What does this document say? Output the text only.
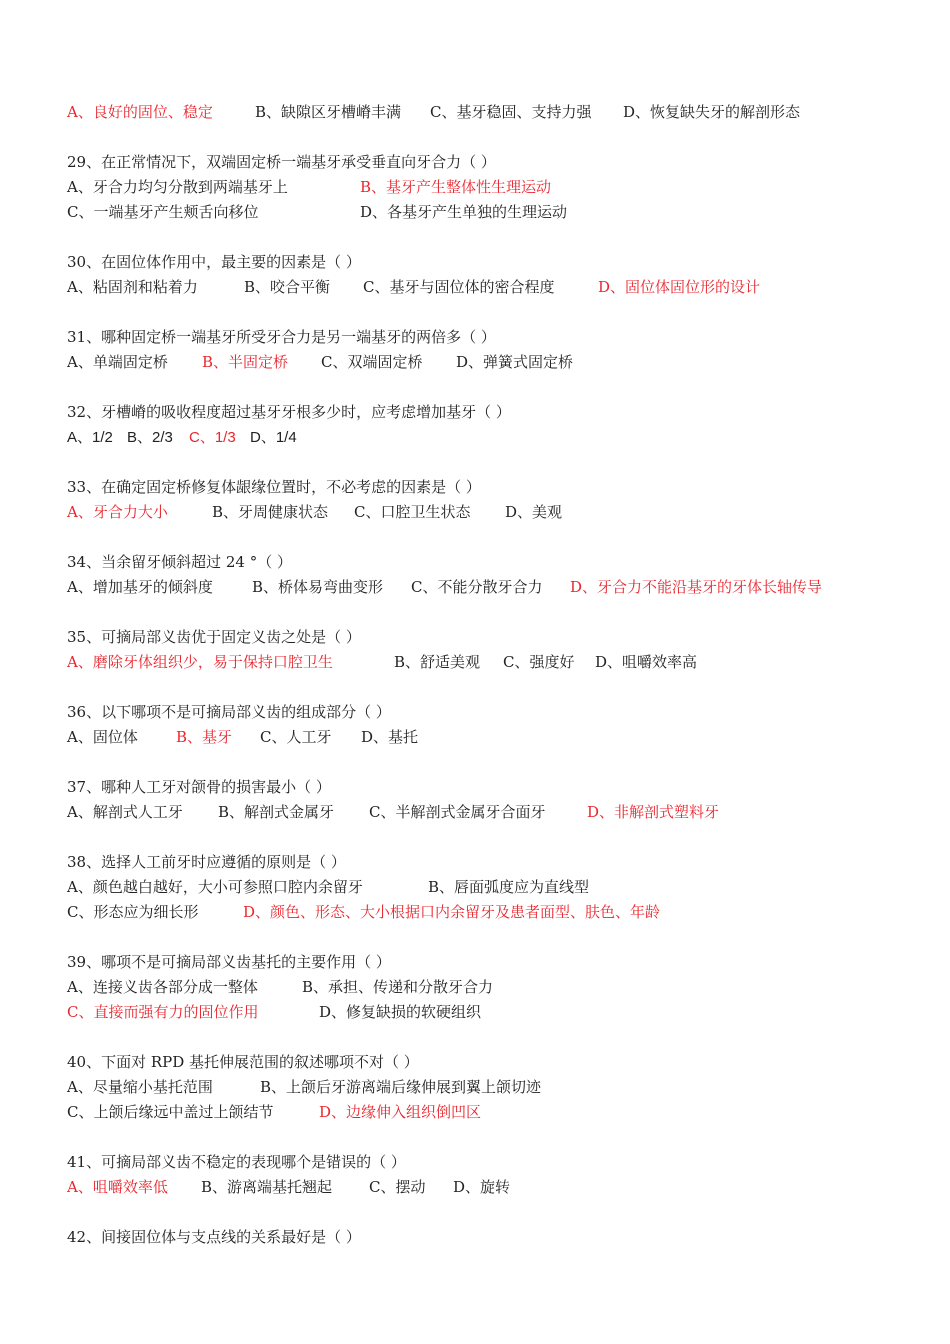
A、良好的固位、稳定	B、缺隙区牙槽嵴丰满 C、基牙稳固、支持力强 D、恢复缺失牙的解剖形态
29、在正常情况下，双端固定桥一端基牙承受垂直向牙合力（ ）
A、牙合力均匀分散到两端基牙上	B、基牙产生整体性生理运动
C、一端基牙产生颊舌向移位	D、各基牙产生单独的生理运动
30、在固位体作用中，最主要的因素是（ ）
A、粘固剂和粘着力	B、咬合平衡 C、基牙与固位体的密合程度	D、固位体固位形的设计
31、哪种固定桥一端基牙所受牙合力是另一端基牙的两倍多（ ）
A、单端固定桥 B、半固定桥 C、双端固定桥 D、弹簧式固定桥
32、牙槽嵴的吸收程度超过基牙牙根多少时，应考虑增加基牙（ ）
A、1/2 B、2/3 C、1/3 D、1/4
33、在确定固定桥修复体龈缘位置时，不必考虑的因素是（ ）
A、牙合力大小	B、牙周健康状态 C、口腔卫生状态 D、美观
34、当余留牙倾斜超过 24 °（ ）
A、增加基牙的倾斜度	B、桥体易弯曲变形 C、不能分散牙合力 D、牙合力不能沿基牙的牙体长轴传导
35、可摘局部义齿优于固定义齿之处是（ ）
A、磨除牙体组织少，易于保持口腔卫生	B、舒适美观 C、强度好 D、咀嚼效率高
36、以下哪项不是可摘局部义齿的组成部分（ ）
A、固位体	B、基牙 C、人工牙 D、基托
37、哪种人工牙对颌骨的损害最小（ ）
A、解剖式人工牙 B、解剖式金属牙 C、半解剖式金属牙合面牙	D、非解剖式塑料牙
38、选择人工前牙时应遵循的原则是（ ）
A、颜色越白越好，大小可参照口腔内余留牙	B、唇面弧度应为直线型
C、形态应为细长形	D、颜色、形态、大小根据口内余留牙及患者面型、肤色、年龄
39、哪项不是可摘局部义齿基托的主要作用（ ）
A、连接义齿各部分成一整体	B、承担、传递和分散牙合力
C、直接而强有力的固位作用	D、修复缺损的软硬组织
40、下面对 RPD 基托伸展范围的叙述哪项不对（ ）
A、尽量缩小基托范围	B、上颌后牙游离端后缘伸展到翼上颌切迹
C、上颌后缘远中盖过上颌结节	D、边缘伸入组织倒凹区
41、可摘局部义齿不稳定的表现哪个是错误的（ ）
A、咀嚼效率低 B、游离端基托翘起 C、摆动 D、旋转
42、间接固位体与支点线的关系最好是（ ）
